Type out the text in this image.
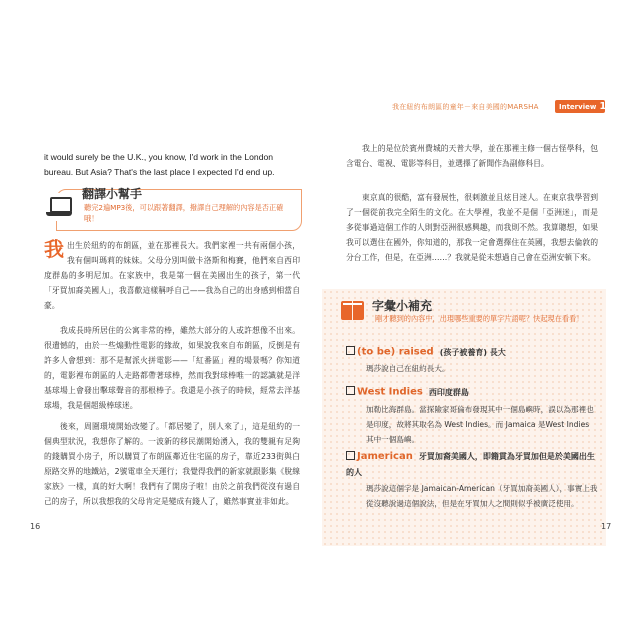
我在紐約布朗區的童年－來自美國的MARSHA	Interview 1
it would surely be the U.K., you know, I'd work in the London bureau. But Asia? That's the last place I expected I'd end up.
翻譯小幫手
聽完2遍MP3後，可以跟著翻譯，撥譯自己理解的內容是否正確哦！
我出生於紐約的布朗區，並在那裡長大。我們家裡一共有兩個小孩，我有個叫瑪莉的妹妹。父母分別叫做卡洛斯和梅賽，他們來自西印度群島的多明尼加。在家族中，我是第一個在美國出生的孩子，第一代「牙買加裔美國人」，我喜歡這樣稱呼自己——我為自己的出身感到相當自豪。
我成長時所居住的公寓非常的棒，雖然大部分的人或許想像不出來。很遺憾的，由於一些煽動性電影的緣故，如果說我來自布朗區，反倒是有許多人會想到：那不是幫派火拼電影——「紅番區」裡的場景嗎？你知道的，電影裡布朗區的人走路都帶著球棒，然而我對球棒唯一的認識就是洋基球場上會發出擊球聲音的那根棒子。我還是小孩子的時候，經常去洋基球場，我是個超級棒球迷。
後來，周圍環境開始改變了。「都居變了，別人來了」，這是紐約的一個典型狀況，我想你了解的。一波新的移民潮開始湧入，我的雙親有足夠的錢購買小房子，所以購買了布朗區鄰近住宅區的房子，靠近233街與白原路交界的地鐵站，2號電車全天運行；我覺得我們的新家就跟影集《脫線家族》一樣，真的好大啊！我們有了開房子啦！由於之前我們從沒有過自己的房子，所以我想我的父母肯定是變成有錢人了，雖然事實並非如此。
16
我上的是位於賓州費城的天普大學，並在那裡主修一個古怪學科，包含電台、電視、電影等科目，並選擇了新聞作為副修科目。
東京真的很酷，富有發展性，很刺激並且炫目迷人。在東京我學習到了一個從前我完全陌生的文化。在大學裡，我並不是個「亞洲迷」，而是多從事過這個工作的人則對亞洲很感興趣，而我則不然。我算聰想，如果我可以選住在國外，你知道的，那我一定會選擇住在英國，我想去倫敦的分台工作，但是，在亞洲……？我就是從未想過自己會在亞洲安頓下來。
字彙小補充
剛才聽到的內容中，出現哪些重要的單字片語呢？快起現在看看！
(to be) raised (孩子被養育) 長大
瑪莎說自己在紐約長大。
West Indies 西印度群島
加勒比海群島。當探險家哥倫布發現其中一個島嶼時，誤以為那裡也是印度，故將其取名為 West Indies。而 Jamaica 是West Indies 其中一個島嶼。
Jamerican 牙買加裔美國人，即籍貫為牙買加但是於美國出生的人
瑪莎說這個字是 Jamaican-American（牙買加裔美國人），事實上我從沒聽說過這個說法，但是在牙買加人之間則似乎被廣泛使用。
17
